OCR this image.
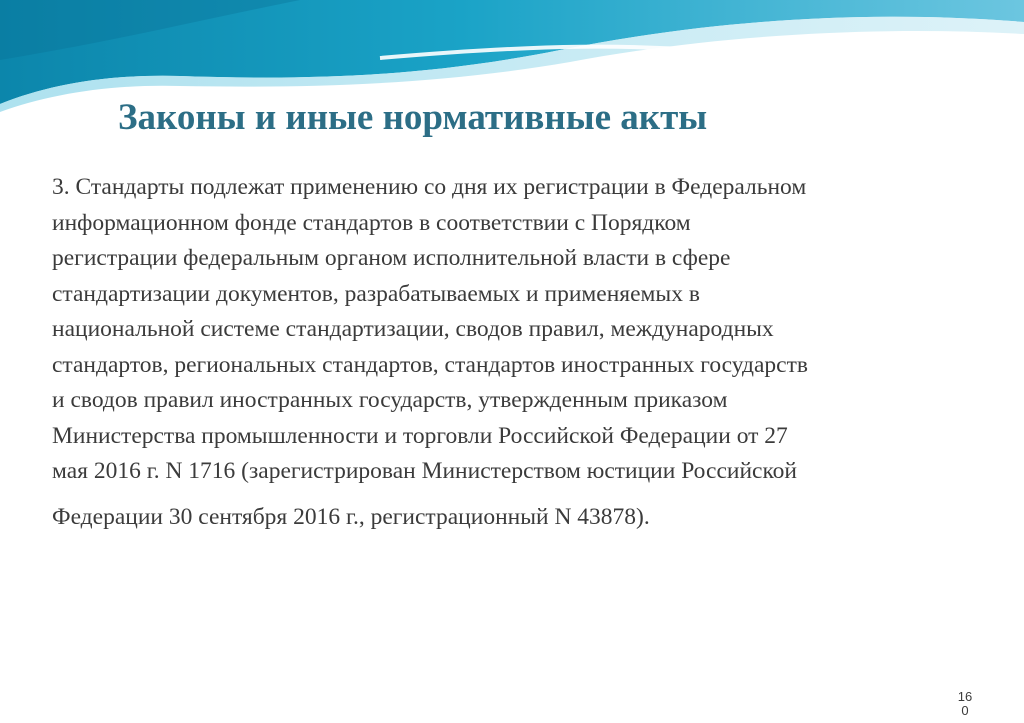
Законы и иные нормативные акты
3. Стандарты подлежат применению со дня их регистрации в Федеральном
информационном фонде стандартов в соответствии с Порядком
регистрации федеральным органом исполнительной власти в сфере
стандартизации документов, разрабатываемых и применяемых в
национальной системе стандартизации, сводов правил, международных
стандартов, региональных стандартов, стандартов иностранных государств
и сводов правил иностранных государств, утвержденным приказом
Министерства промышленности и торговли Российской Федерации от 27
мая 2016 г. N 1716 (зарегистрирован Министерством юстиции Российской
Федерации 30 сентября 2016 г., регистрационный N 43878).
160
